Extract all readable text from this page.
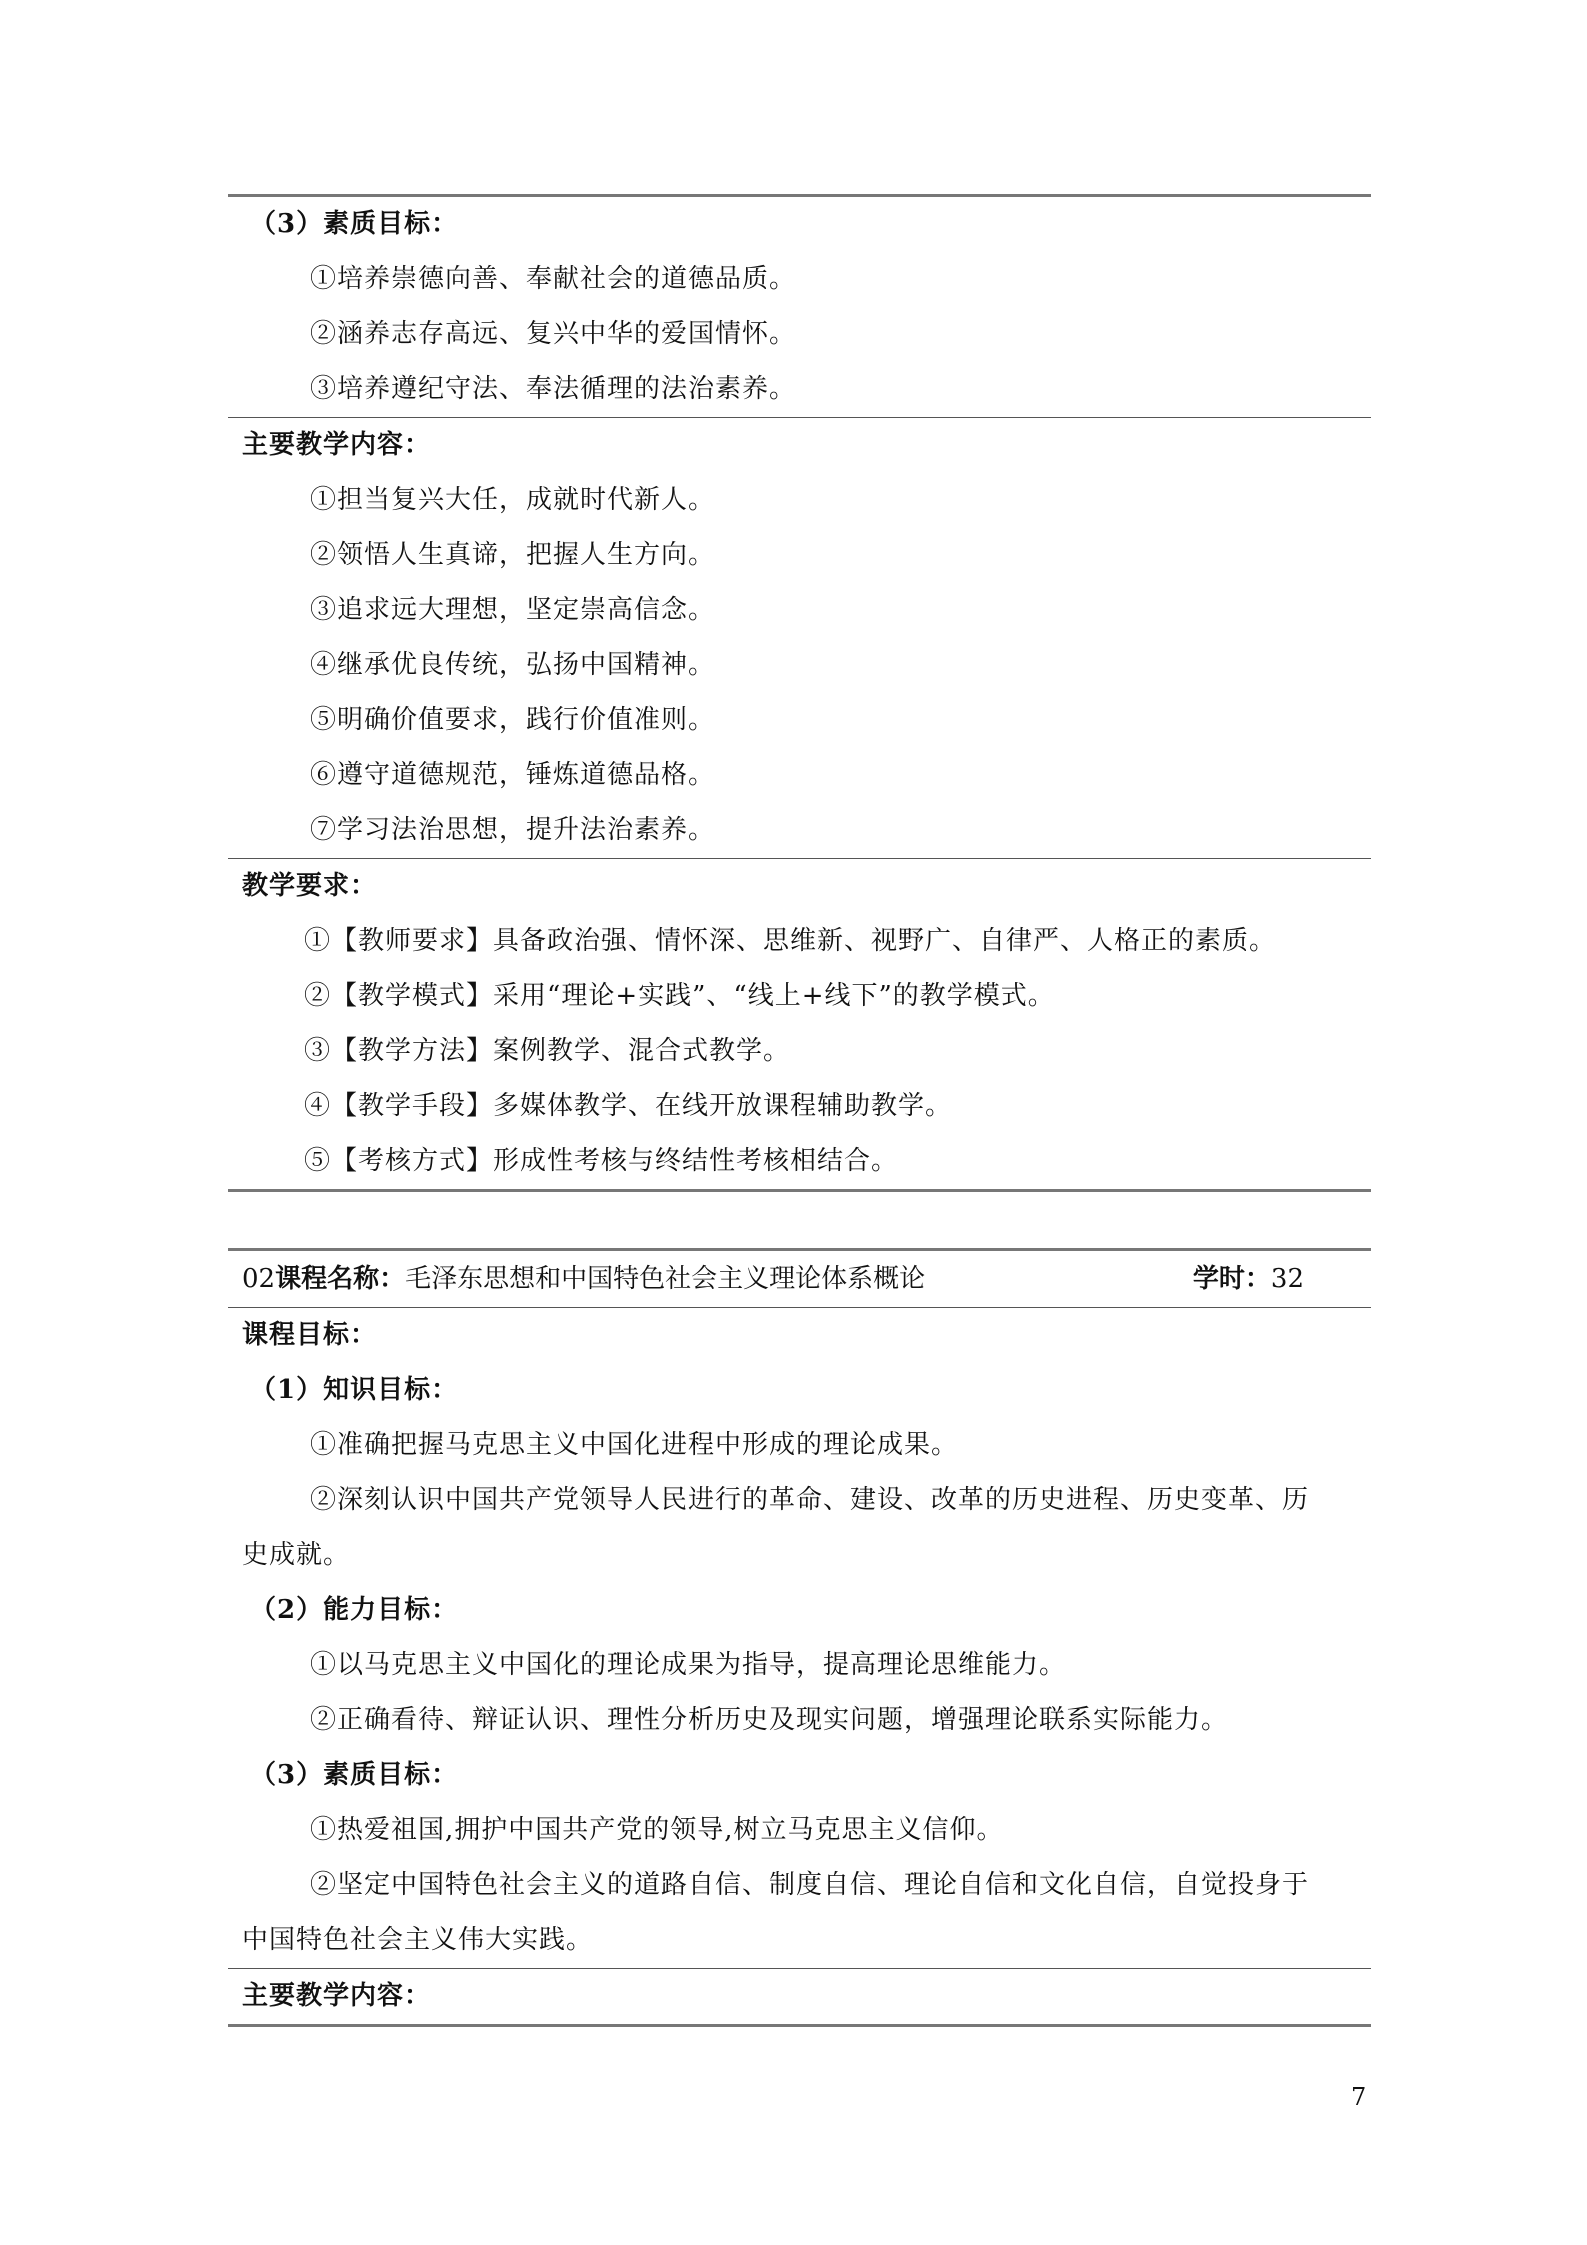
（3）素质目标：
①培养崇德向善、奉献社会的道德品质。
②涵养志存高远、复兴中华的爱国情怀。
③培养遵纪守法、奉法循理的法治素养。
主要教学内容：
①担当复兴大任，成就时代新人。
②领悟人生真谛，把握人生方向。
③追求远大理想，坚定崇高信念。
④继承优良传统，弘扬中国精神。
⑤明确价值要求，践行价值准则。
⑥遵守道德规范，锤炼道德品格。
⑦学习法治思想，提升法治素养。
教学要求：
①【教师要求】具备政治强、情怀深、思维新、视野广、自律严、人格正的素质。
②【教学模式】采用“理论+实践”、“线上+线下”的教学模式。
③【教学方法】案例教学、混合式教学。
④【教学手段】多媒体教学、在线开放课程辅助教学。
⑤【考核方式】形成性考核与终结性考核相结合。
02课程名称：毛泽东思想和中国特色社会主义理论体系概论	学时：32
课程目标：
（1）知识目标：
①准确把握马克思主义中国化进程中形成的理论成果。
②深刻认识中国共产党领导人民进行的革命、建设、改革的历史进程、历史变革、历
史成就。
（2）能力目标：
①以马克思主义中国化的理论成果为指导，提高理论思维能力。
②正确看待、辩证认识、理性分析历史及现实问题，增强理论联系实际能力。
（3）素质目标：
①热爱祖国,拥护中国共产党的领导,树立马克思主义信仰。
②坚定中国特色社会主义的道路自信、制度自信、理论自信和文化自信，自觉投身于
中国特色社会主义伟大实践。
主要教学内容：
7
